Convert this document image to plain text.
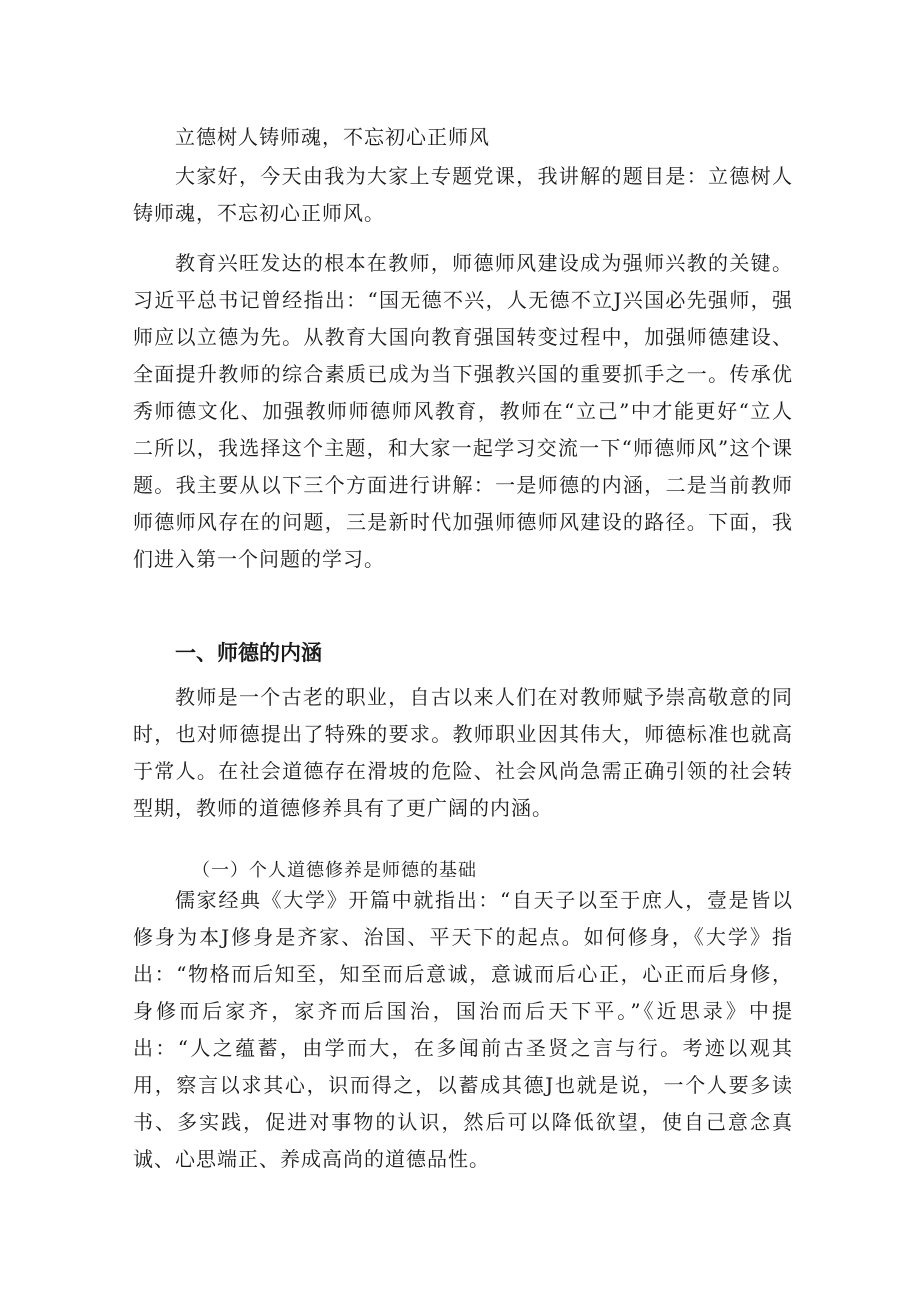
立德树人铸师魂，不忘初心正师风

大家好，今天由我为大家上专题党课，我讲解的题目是：立德树人铸师魂，不忘初心正师风。

教育兴旺发达的根本在教师，师德师风建设成为强师兴教的关键。习近平总书记曾经指出：“国无德不兴，人无德不立J兴国必先强师，强师应以立德为先。从教育大国向教育强国转变过程中，加强师德建设、全面提升教师的综合素质已成为当下强教兴国的重要抓手之一。传承优秀师德文化、加强教师师德师风教育，教师在“立己”中才能更好“立人二所以，我选择这个主题，和大家一起学习交流一下“师德师风”这个课题。我主要从以下三个方面进行讲解：一是师德的内涵，二是当前教师师德师风存在的问题，三是新时代加强师德师风建设的路径。下面，我们进入第一个问题的学习。

一、师德的内涵

教师是一个古老的职业，自古以来人们在对教师赋予崇高敬意的同时，也对师德提出了特殊的要求。教师职业因其伟大，师德标准也就高于常人。在社会道德存在滑坡的危险、社会风尚急需正确引领的社会转型期，教师的道德修养具有了更广阔的内涵。

（一）个人道德修养是师德的基础

儒家经典《大学》开篇中就指出：“自天子以至于庶人，壹是皆以修身为本J修身是齐家、治国、平天下的起点。如何修身，《大学》指出：“物格而后知至，知至而后意诚，意诚而后心正，心正而后身修，身修而后家齐，家齐而后国治，国治而后天下平。”《近思录》中提出：“人之蕴蓄，由学而大，在多闻前古圣贤之言与行。考迹以观其用，察言以求其心，识而得之，以蓄成其德J也就是说，一个人要多读书、多实践，促进对事物的认识，然后可以降低欲望，使自己意念真诚、心思端正、养成高尚的道德品性。
